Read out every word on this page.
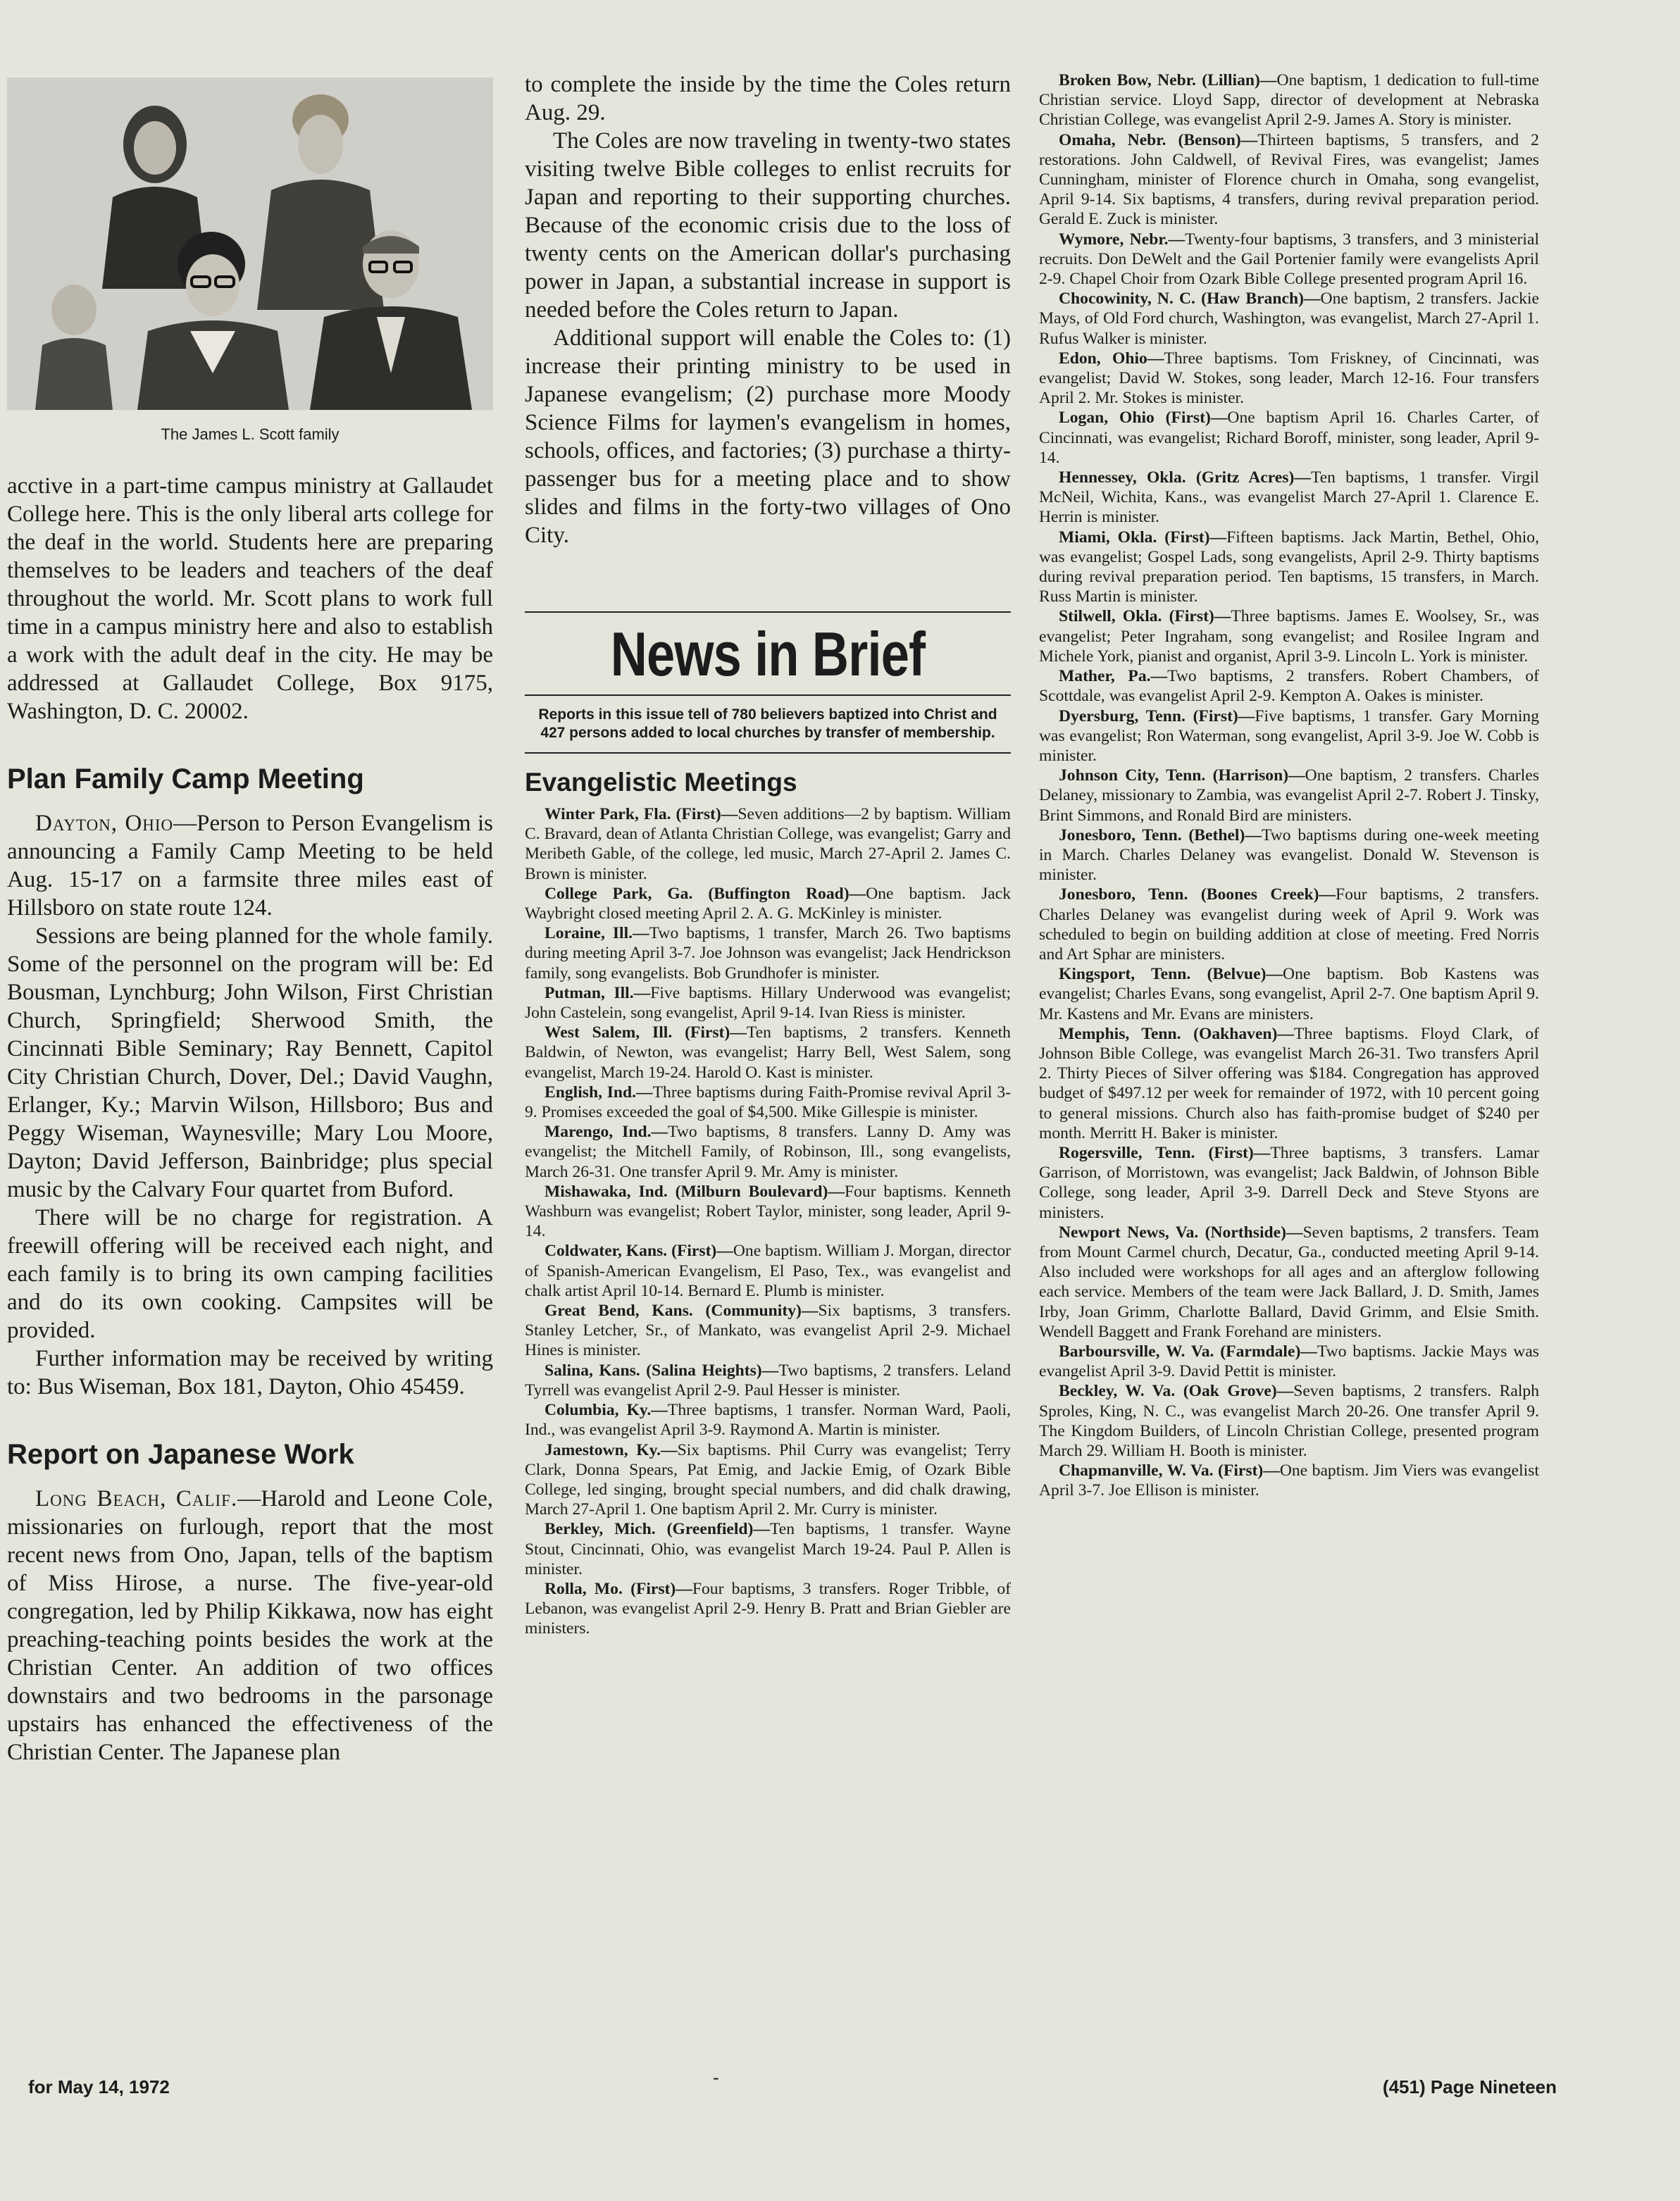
The James L. Scott family

acctive in a part-time campus ministry at Gallaudet College here. This is the only liberal arts college for the deaf in the world. Students here are preparing themselves to be leaders and teachers of the deaf throughout the world. Mr. Scott plans to work full time in a campus ministry here and also to establish a work with the adult deaf in the city. He may be addressed at Gallaudet College, Box 9175, Washington, D. C. 20002.

Plan Family Camp Meeting

Dayton, Ohio—Person to Person Evangelism is announcing a Family Camp Meeting to be held Aug. 15-17 on a farmsite three miles east of Hillsboro on state route 124.

Sessions are being planned for the whole family. Some of the personnel on the program will be: Ed Bousman, Lynchburg; John Wilson, First Christian Church, Springfield; Sherwood Smith, the Cincinnati Bible Seminary; Ray Bennett, Capitol City Christian Church, Dover, Del.; David Vaughn, Erlanger, Ky.; Marvin Wilson, Hillsboro; Bus and Peggy Wiseman, Waynesville; Mary Lou Moore, Dayton; David Jefferson, Bainbridge; plus special music by the Calvary Four quartet from Buford.

There will be no charge for registration. A freewill offering will be received each night, and each family is to bring its own camping facilities and do its own cooking. Campsites will be provided.

Further information may be received by writing to: Bus Wiseman, Box 181, Dayton, Ohio 45459.

Report on Japanese Work

Long Beach, Calif.—Harold and Leone Cole, missionaries on furlough, report that the most recent news from Ono, Japan, tells of the baptism of Miss Hirose, a nurse. The five-year-old congregation, led by Philip Kikkawa, now has eight preaching-teaching points besides the work at the Christian Center. An addition of two offices downstairs and two bedrooms in the parsonage upstairs has enhanced the effectiveness of the Christian Center. The Japanese plan

to complete the inside by the time the Coles return Aug. 29.

The Coles are now traveling in twenty-two states visiting twelve Bible colleges to enlist recruits for Japan and reporting to their supporting churches. Because of the economic crisis due to the loss of twenty cents on the American dollar's purchasing power in Japan, a substantial increase in support is needed before the Coles return to Japan.

Additional support will enable the Coles to: (1) increase their printing ministry to be used in Japanese evangelism; (2) purchase more Moody Science Films for laymen's evangelism in homes, schools, offices, and factories; (3) purchase a thirty-passenger bus for a meeting place and to show slides and films in the forty-two villages of Ono City.

News in Brief

Reports in this issue tell of 780 believers baptized into Christ and 427 persons added to local churches by transfer of membership.

Evangelistic Meetings

Winter Park, Fla. (First)—Seven additions—2 by baptism. William C. Bravard, dean of Atlanta Christian College, was evangelist; Garry and Meribeth Gable, of the college, led music, March 27-April 2. James C. Brown is minister.

College Park, Ga. (Buffington Road)—One baptism. Jack Waybright closed meeting April 2. A. G. McKinley is minister.

Loraine, Ill.—Two baptisms, 1 transfer, March 26. Two baptisms during meeting April 3-7. Joe Johnson was evangelist; Jack Hendrickson family, song evangelists. Bob Grundhofer is minister.

Putman, Ill.—Five baptisms. Hillary Underwood was evangelist; John Castelein, song evangelist, April 9-14. Ivan Riess is minister.

West Salem, Ill. (First)—Ten baptisms, 2 transfers. Kenneth Baldwin, of Newton, was evangelist; Harry Bell, West Salem, song evangelist, March 19-24. Harold O. Kast is minister.

English, Ind.—Three baptisms during Faith-Promise revival April 3-9. Promises exceeded the goal of $4,500. Mike Gillespie is minister.

Marengo, Ind.—Two baptisms, 8 transfers. Lanny D. Amy was evangelist; the Mitchell Family, of Robinson, Ill., song evangelists, March 26-31. One transfer April 9. Mr. Amy is minister.

Mishawaka, Ind. (Milburn Boulevard)—Four baptisms. Kenneth Washburn was evangelist; Robert Taylor, minister, song leader, April 9-14.

Coldwater, Kans. (First)—One baptism. William J. Morgan, director of Spanish-American Evangelism, El Paso, Tex., was evangelist and chalk artist April 10-14. Bernard E. Plumb is minister.

Great Bend, Kans. (Community)—Six baptisms, 3 transfers. Stanley Letcher, Sr., of Mankato, was evangelist April 2-9. Michael Hines is minister.

Salina, Kans. (Salina Heights)—Two baptisms, 2 transfers. Leland Tyrrell was evangelist April 2-9. Paul Hesser is minister.

Columbia, Ky.—Three baptisms, 1 transfer. Norman Ward, Paoli, Ind., was evangelist April 3-9. Raymond A. Martin is minister.

Jamestown, Ky.—Six baptisms. Phil Curry was evangelist; Terry Clark, Donna Spears, Pat Emig, and Jackie Emig, of Ozark Bible College, led singing, brought special numbers, and did chalk drawing, March 27-April 1. One baptism April 2. Mr. Curry is minister.

Berkley, Mich. (Greenfield)—Ten baptisms, 1 transfer. Wayne Stout, Cincinnati, Ohio, was evangelist March 19-24. Paul P. Allen is minister.

Rolla, Mo. (First)—Four baptisms, 3 transfers. Roger Tribble, of Lebanon, was evangelist April 2-9. Henry B. Pratt and Brian Giebler are ministers.

Broken Bow, Nebr. (Lillian)—One baptism, 1 dedication to full-time Christian service. Lloyd Sapp, director of development at Nebraska Christian College, was evangelist April 2-9. James A. Story is minister.

Omaha, Nebr. (Benson)—Thirteen baptisms, 5 transfers, and 2 restorations. John Caldwell, of Revival Fires, was evangelist; James Cunningham, minister of Florence church in Omaha, song evangelist, April 9-14. Six baptisms, 4 transfers, during revival preparation period. Gerald E. Zuck is minister.

Wymore, Nebr.—Twenty-four baptisms, 3 transfers, and 3 ministerial recruits. Don DeWelt and the Gail Portenier family were evangelists April 2-9. Chapel Choir from Ozark Bible College presented program April 16.

Chocowinity, N. C. (Haw Branch)—One baptism, 2 transfers. Jackie Mays, of Old Ford church, Washington, was evangelist, March 27-April 1. Rufus Walker is minister.

Edon, Ohio—Three baptisms. Tom Friskney, of Cincinnati, was evangelist; David W. Stokes, song leader, March 12-16. Four transfers April 2. Mr. Stokes is minister.

Logan, Ohio (First)—One baptism April 16. Charles Carter, of Cincinnati, was evangelist; Richard Boroff, minister, song leader, April 9-14.

Hennessey, Okla. (Gritz Acres)—Ten baptisms, 1 transfer. Virgil McNeil, Wichita, Kans., was evangelist March 27-April 1. Clarence E. Herrin is minister.

Miami, Okla. (First)—Fifteen baptisms. Jack Martin, Bethel, Ohio, was evangelist; Gospel Lads, song evangelists, April 2-9. Thirty baptisms during revival preparation period. Ten baptisms, 15 transfers, in March. Russ Martin is minister.

Stilwell, Okla. (First)—Three baptisms. James E. Woolsey, Sr., was evangelist; Peter Ingraham, song evangelist; and Rosilee Ingram and Michele York, pianist and organist, April 3-9. Lincoln L. York is minister.

Mather, Pa.—Two baptisms, 2 transfers. Robert Chambers, of Scottdale, was evangelist April 2-9. Kempton A. Oakes is minister.

Dyersburg, Tenn. (First)—Five baptisms, 1 transfer. Gary Morning was evangelist; Ron Waterman, song evangelist, April 3-9. Joe W. Cobb is minister.

Johnson City, Tenn. (Harrison)—One baptism, 2 transfers. Charles Delaney, missionary to Zambia, was evangelist April 2-7. Robert J. Tinsky, Brint Simmons, and Ronald Bird are ministers.

Jonesboro, Tenn. (Bethel)—Two baptisms during one-week meeting in March. Charles Delaney was evangelist. Donald W. Stevenson is minister.

Jonesboro, Tenn. (Boones Creek)—Four baptisms, 2 transfers. Charles Delaney was evangelist during week of April 9. Work was scheduled to begin on building addition at close of meeting. Fred Norris and Art Sphar are ministers.

Kingsport, Tenn. (Belvue)—One baptism. Bob Kastens was evangelist; Charles Evans, song evangelist, April 2-7. One baptism April 9. Mr. Kastens and Mr. Evans are ministers.

Memphis, Tenn. (Oakhaven)—Three baptisms. Floyd Clark, of Johnson Bible College, was evangelist March 26-31. Two transfers April 2. Thirty Pieces of Silver offering was $184. Congregation has approved budget of $497.12 per week for remainder of 1972, with 10 percent going to general missions. Church also has faith-promise budget of $240 per month. Merritt H. Baker is minister.

Rogersville, Tenn. (First)—Three baptisms, 3 transfers. Lamar Garrison, of Morristown, was evangelist; Jack Baldwin, of Johnson Bible College, song leader, April 3-9. Darrell Deck and Steve Styons are ministers.

Newport News, Va. (Northside)—Seven baptisms, 2 transfers. Team from Mount Carmel church, Decatur, Ga., conducted meeting April 9-14. Also included were workshops for all ages and an afterglow following each service. Members of the team were Jack Ballard, J. D. Smith, James Irby, Joan Grimm, Charlotte Ballard, David Grimm, and Elsie Smith. Wendell Baggett and Frank Forehand are ministers.

Barboursville, W. Va. (Farmdale)—Two baptisms. Jackie Mays was evangelist April 3-9. David Pettit is minister.

Beckley, W. Va. (Oak Grove)—Seven baptisms, 2 transfers. Ralph Sproles, King, N. C., was evangelist March 20-26. One transfer April 9. The Kingdom Builders, of Lincoln Christian College, presented program March 29. William H. Booth is minister.

Chapmanville, W. Va. (First)—One baptism. Jim Viers was evangelist April 3-7. Joe Ellison is minister.

for May 14, 1972	-	(451) Page Nineteen
